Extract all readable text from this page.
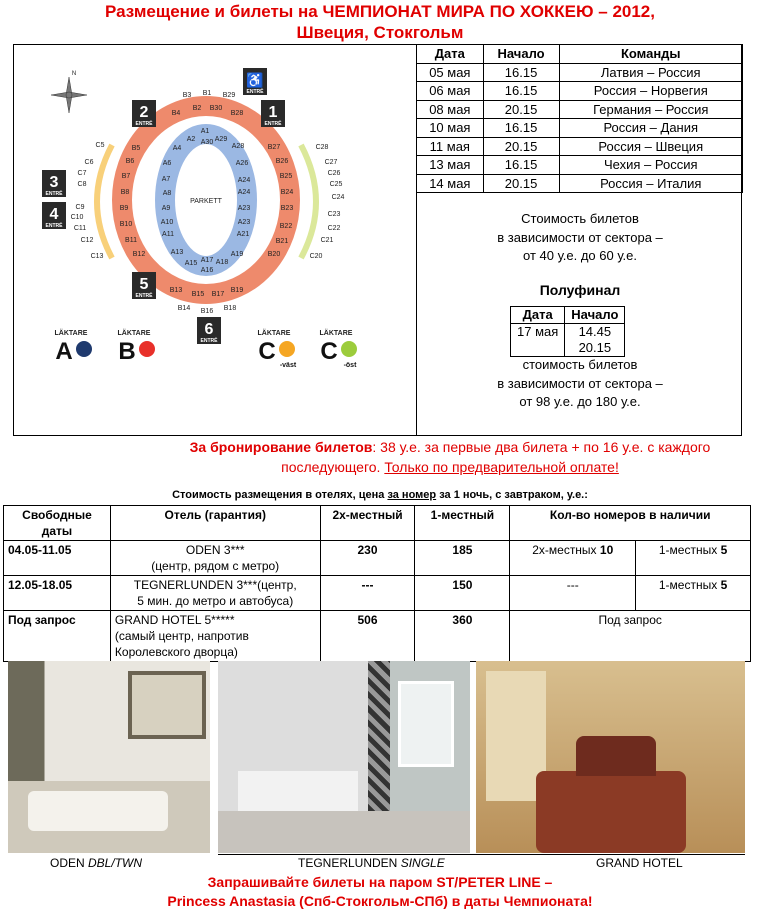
Размещение и билеты на ЧЕМПИОНАТ МИРА ПО ХОККЕЮ – 2012,
Швеция, Стокгольм
1
ENTRÉ
2
ENTRÉ
3
ENTRÉ
4
ENTRÉ
5
ENTRÉ
6
ENTRÉ
♿
ENTRÉ
PARKETT
A1
A30 A29
A28
A26
A24
A24
A23
A23
A21
A19
A18
A17
A16
A15
A13
A11
A10
A9
A8
A7
A6
A4
A2
B1
B30
B29
B28
B27
B26
B25
B24
B23
B22
B21
B20
B19
B18
B17
B16
B15
B14
B13
B12
B11
B10
B9
B8
B7
B6
B5
B4
B3
B2
C5
C6
C7
C8
C9
C10
C11
C12
C13
C28
C27
C26
C25
C24
C23
C22
C21
C20
N
LÄKTARE
A
LÄKTARE
B
LÄKTARE
C
-väst
LÄKTARE
C
-öst
Дата	Начало	Команды
05 мая	16.15	Латвия – Россия
06 мая	16.15	Россия – Норвегия
08 мая	20.15	Германия – Россия
10 мая	16.15	Россия – Дания
11 мая	20.15	Россия – Швеция
13 мая	16.15	Чехия – Россия
14 мая	20.15	Россия – Италия
Стоимость билетов
в зависимости от сектора –
от 40 у.е. до 60 у.е.
Полуфинал
Дата	Начало
17 мая	14.45
20.15
стоимость билетов
в зависимости от сектора –
от 98 у.е. до 180 у.е.
За бронирование билетов: 38 у.е. за первые два билета + по 16 у.е. с каждого последующего. Только по предварительной оплате!
Стоимость размещения в отелях, цена за номер за 1 ночь, с завтраком, у.е.:
Свободные даты	Отель (гарантия)	2х-местный	1-местный	Кол-во номеров в наличии	
04.05-11.05	ODEN 3***
(центр, рядом с метро)	230	185	2х-местных 10	1-местных 5
12.05-18.05	TEGNERLUNDEN 3***(центр,
5 мин. до метро и автобуса)	---	150	---	1-местных 5
Под запрос	GRAND HOTEL 5*****
(самый центр, напротив Королевского дворца)	506	360	Под запрос	
ODEN DBL/TWN	TEGNERLUNDEN SINGLE	GRAND HOTEL
Запрашивайте билеты на паром ST/PETER LINE –
Princess Anastasia (Спб-Стокгольм-СПб) в даты Чемпионата!
